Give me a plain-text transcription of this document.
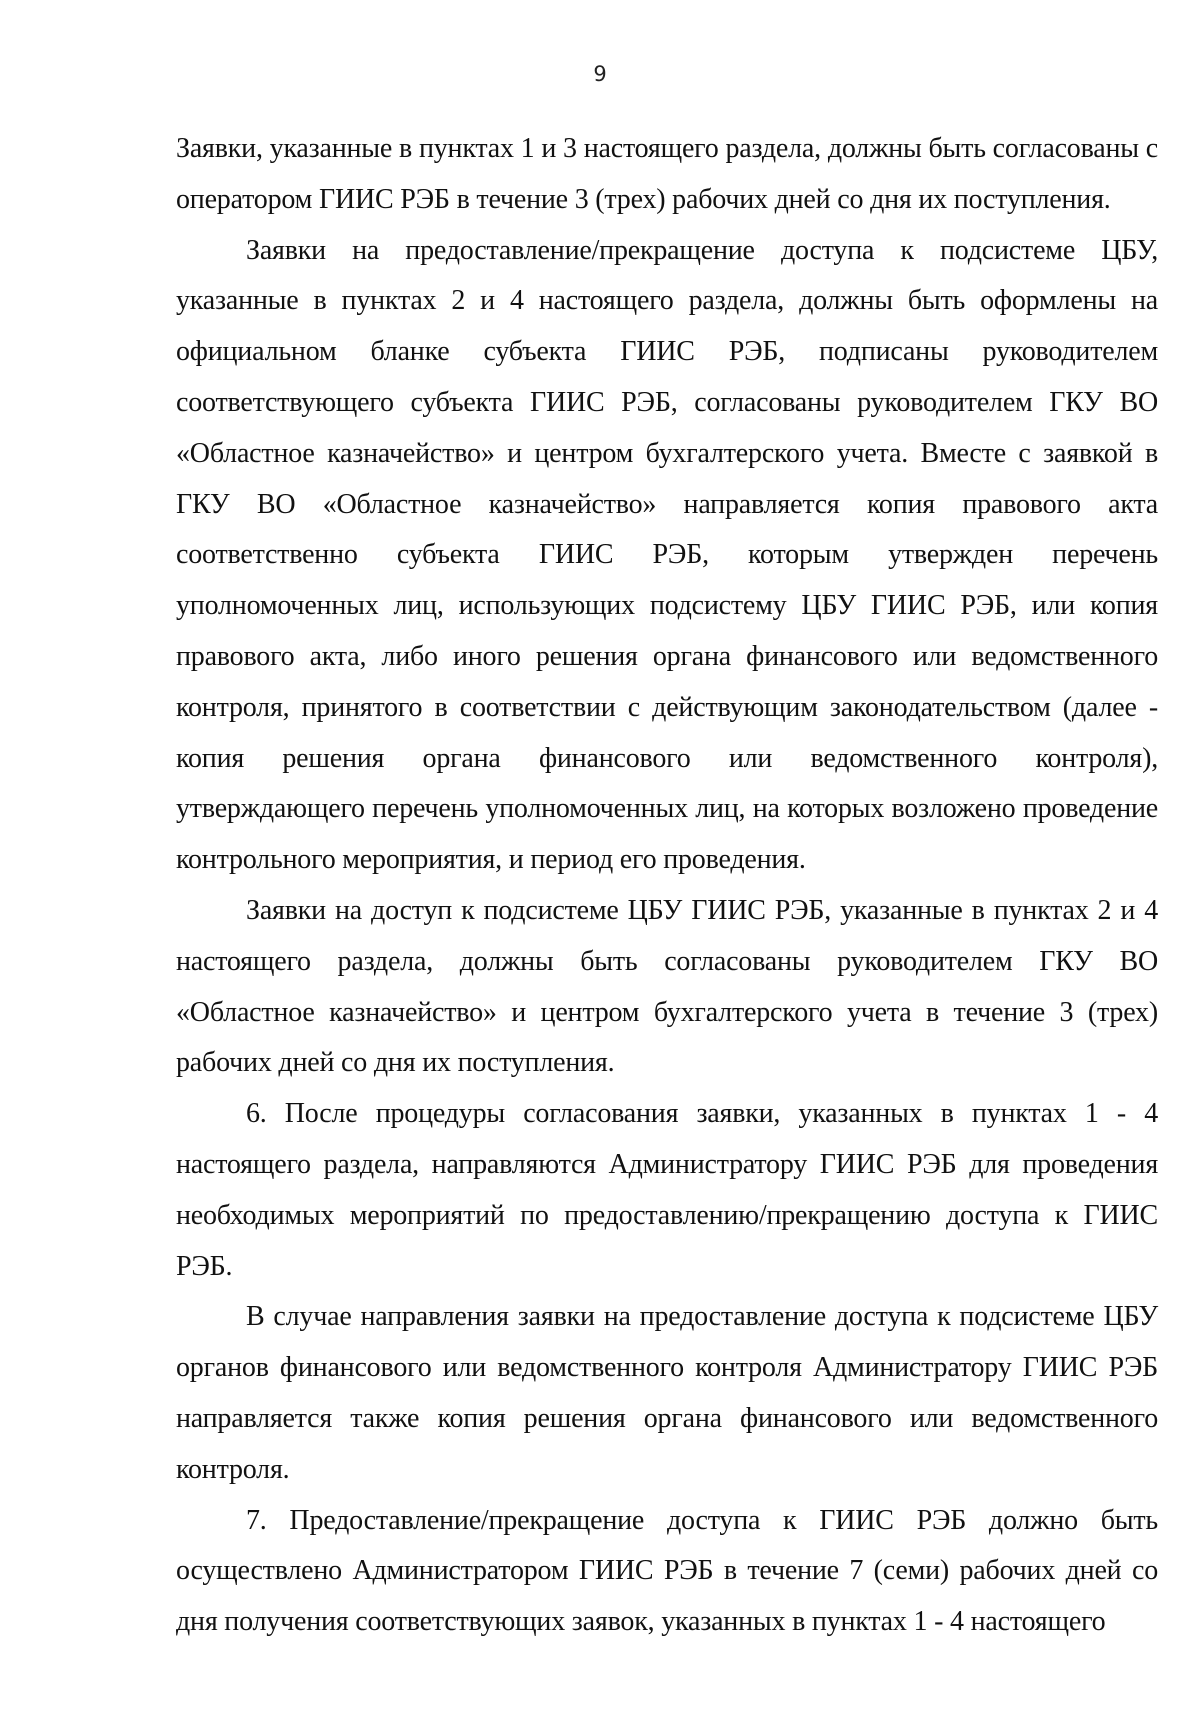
9

Заявки, указанные в пунктах 1 и 3 настоящего раздела, должны быть согласованы с оператором ГИИС РЭБ в течение 3 (трех) рабочих дней со дня их поступления.

Заявки на предоставление/прекращение доступа к подсистеме ЦБУ, указанные в пунктах 2 и 4 настоящего раздела, должны быть оформлены на официальном бланке субъекта ГИИС РЭБ, подписаны руководителем соответствующего субъекта ГИИС РЭБ, согласованы руководителем ГКУ ВО «Областное казначейство» и центром бухгалтерского учета. Вместе с заявкой в ГКУ ВО «Областное казначейство» направляется копия правового акта соответственно субъекта ГИИС РЭБ, которым утвержден перечень уполномоченных лиц, использующих подсистему ЦБУ ГИИС РЭБ, или копия правового акта, либо иного решения органа финансового или ведомственного контроля, принятого в соответствии с действующим законодательством (далее - копия решения органа финансового или ведомственного контроля), утверждающего перечень уполномоченных лиц, на которых возложено проведение контрольного мероприятия, и период его проведения.

Заявки на доступ к подсистеме ЦБУ ГИИС РЭБ, указанные в пунктах 2 и 4 настоящего раздела, должны быть согласованы руководителем ГКУ ВО «Областное казначейство» и центром бухгалтерского учета в течение 3 (трех) рабочих дней со дня их поступления.

6. После процедуры согласования заявки, указанных в пунктах 1 - 4 настоящего раздела, направляются Администратору ГИИС РЭБ для проведения необходимых мероприятий по предоставлению/прекращению доступа к ГИИС РЭБ.

В случае направления заявки на предоставление доступа к подсистеме ЦБУ органов финансового или ведомственного контроля Администратору ГИИС РЭБ направляется также копия решения органа финансового или ведомственного контроля.

7. Предоставление/прекращение доступа к ГИИС РЭБ должно быть осуществлено Администратором ГИИС РЭБ в течение 7 (семи) рабочих дней со дня получения соответствующих заявок, указанных в пунктах 1 - 4 настоящего
